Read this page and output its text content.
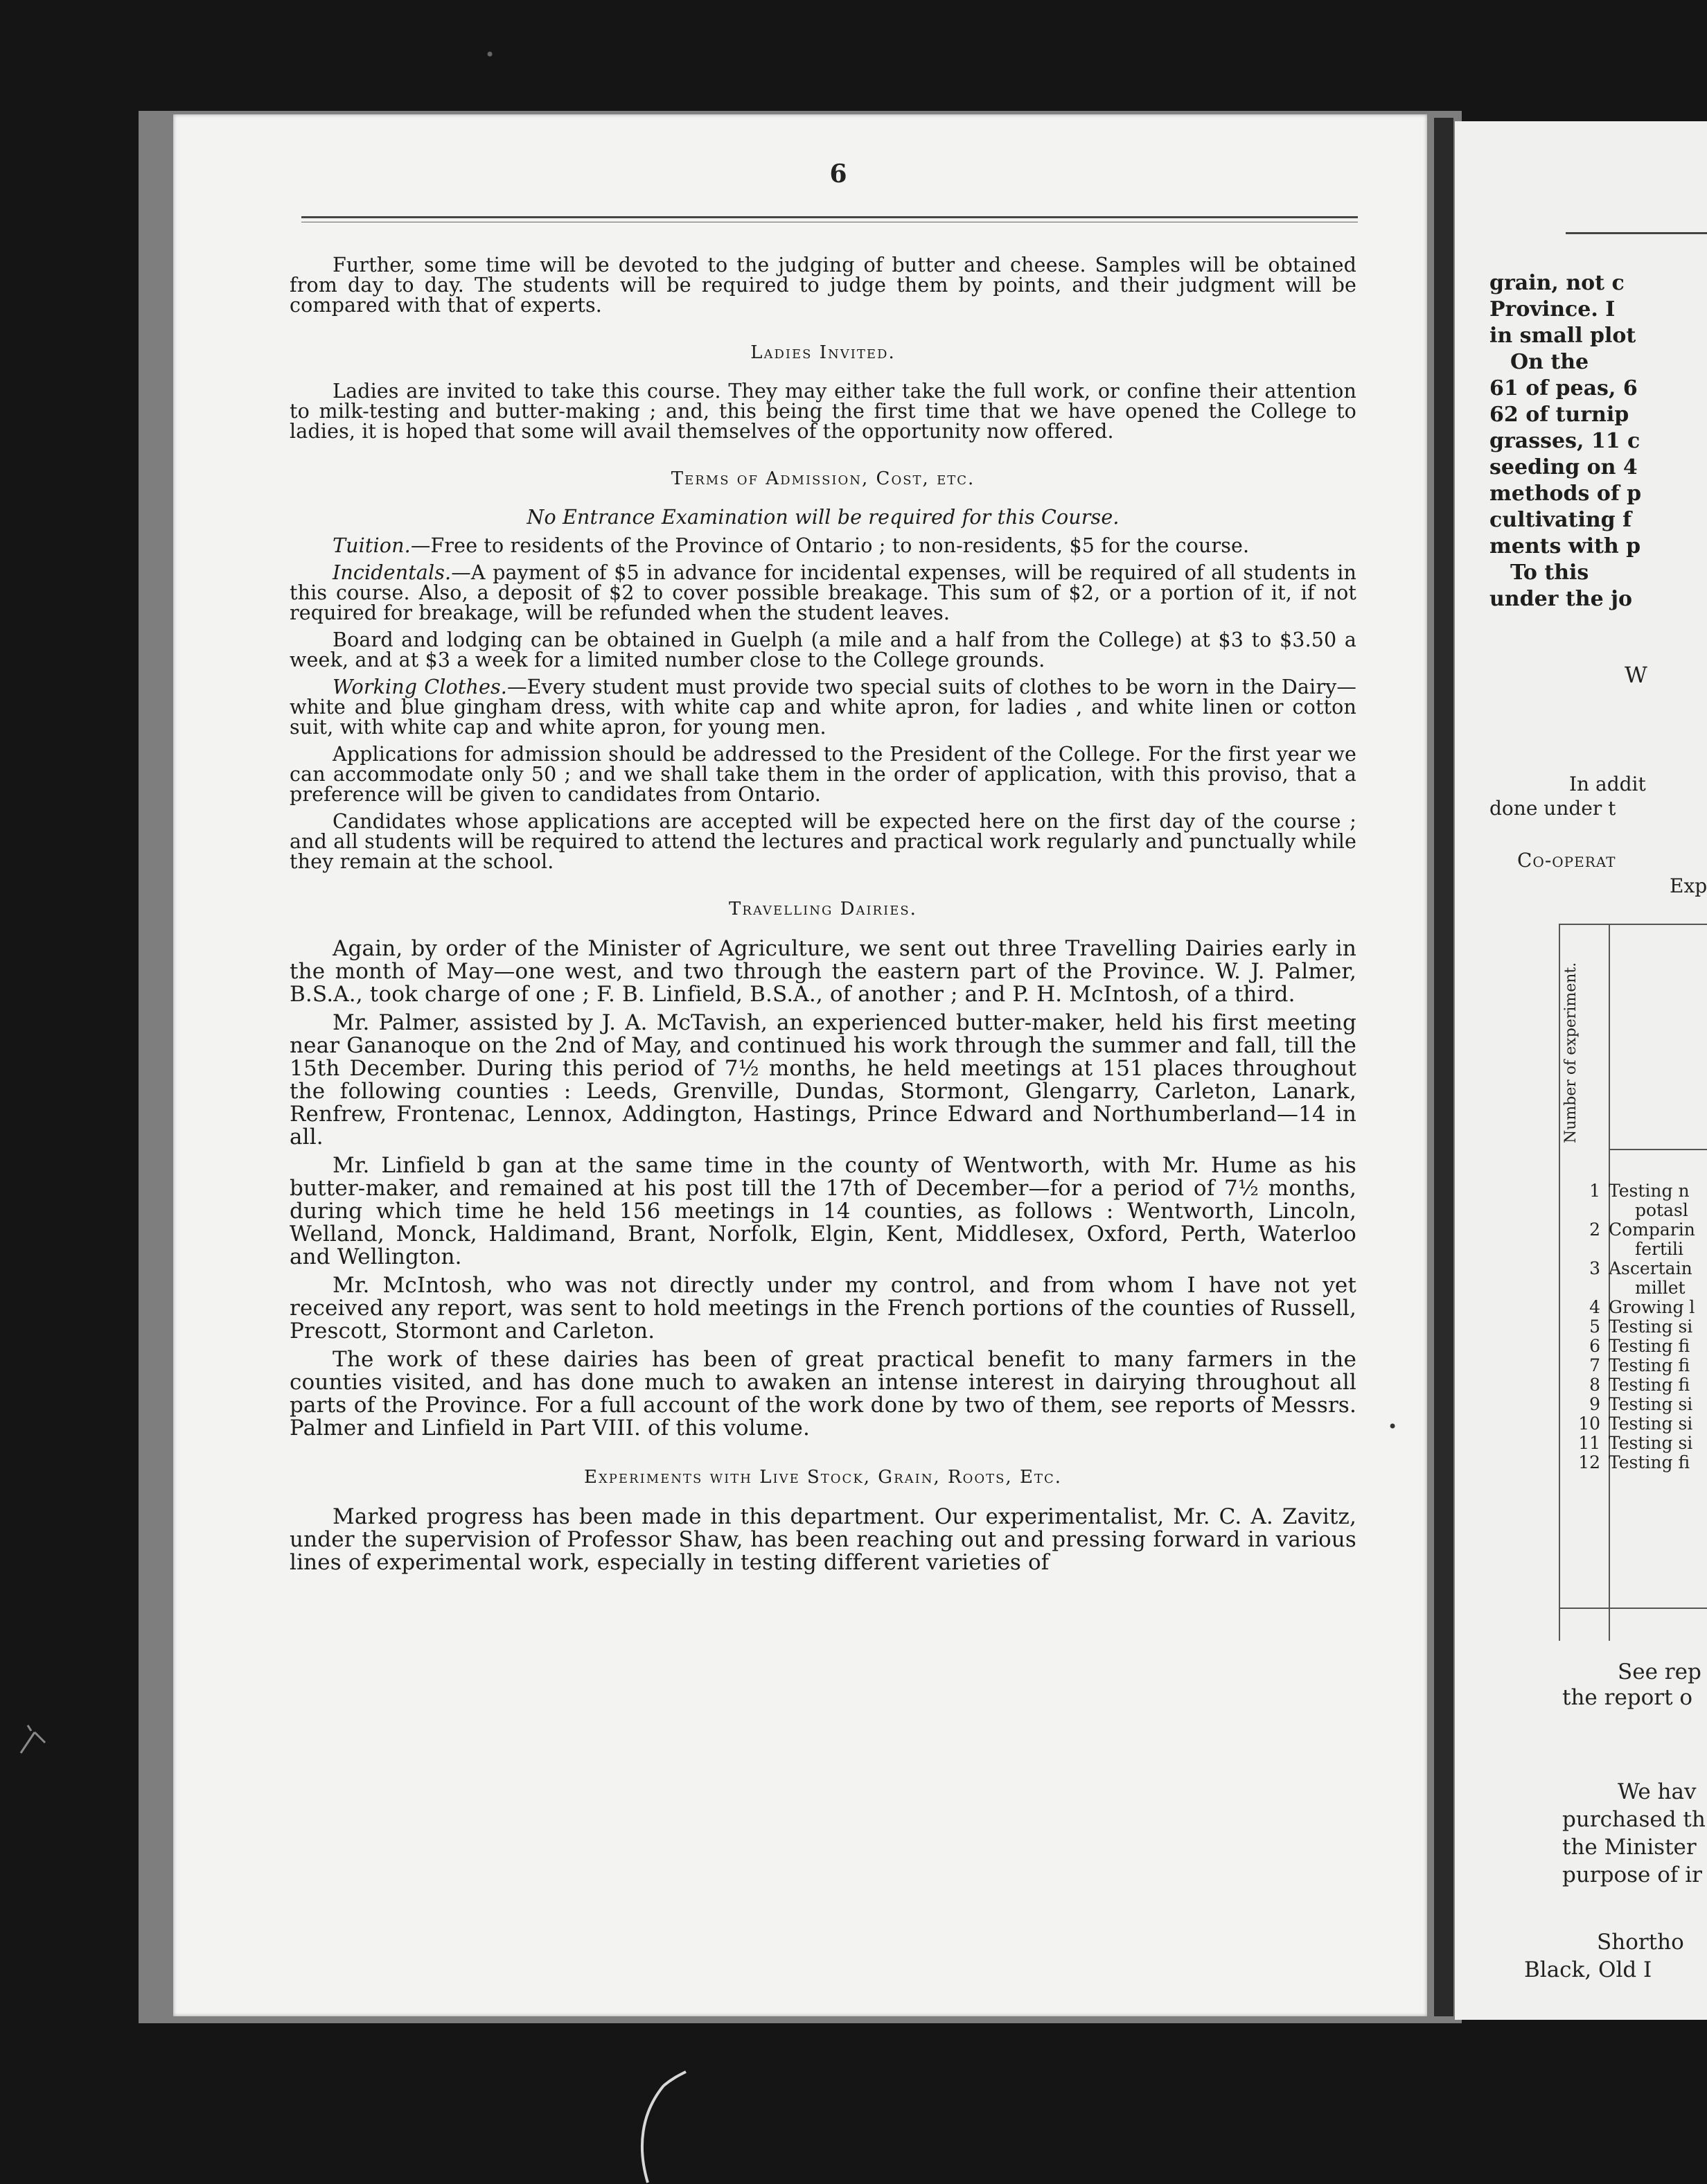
6

Further, some time will be devoted to the judging of butter and cheese. Samples will be obtained from day to day. The students will be required to judge them by points, and their judgment will be compared with that of experts.

Ladies Invited.

Ladies are invited to take this course. They may either take the full work, or confine their attention to milk-testing and butter-making ; and, this being the first time that we have opened the College to ladies, it is hoped that some will avail themselves of the opportunity now offered.

Terms of Admission, Cost, etc.

No Entrance Examination will be required for this Course.

Tuition.—Free to residents of the Province of Ontario ; to non-residents, $5 for the course.

Incidentals.—A payment of $5 in advance for incidental expenses, will be required of all students in this course. Also, a deposit of $2 to cover possible breakage. This sum of $2, or a portion of it, if not required for breakage, will be refunded when the student leaves.

Board and lodging can be obtained in Guelph (a mile and a half from the College) at $3 to $3.50 a week, and at $3 a week for a limited number close to the College grounds.

Working Clothes.—Every student must provide two special suits of clothes to be worn in the Dairy—white and blue gingham dress, with white cap and white apron, for ladies , and white linen or cotton suit, with white cap and white apron, for young men.

Applications for admission should be addressed to the President of the College. For the first year we can accommodate only 50 ; and we shall take them in the order of application, with this proviso, that a preference will be given to candidates from Ontario.

Candidates whose applications are accepted will be expected here on the first day of the course ; and all students will be required to attend the lectures and practical work regularly and punctually while they remain at the school.

Travelling Dairies.

Again, by order of the Minister of Agriculture, we sent out three Travelling Dairies early in the month of May—one west, and two through the eastern part of the Province. W. J. Palmer, B.S.A., took charge of one ; F. B. Linfield, B.S.A., of another ; and P. H. McIntosh, of a third.

Mr. Palmer, assisted by J. A. McTavish, an experienced butter-maker, held his first meeting near Gananoque on the 2nd of May, and continued his work through the summer and fall, till the 15th December. During this period of 7½ months, he held meetings at 151 places throughout the following counties : Leeds, Grenville, Dundas, Stormont, Glengarry, Carleton, Lanark, Renfrew, Frontenac, Lennox, Addington, Hastings, Prince Edward and Northumberland—14 in all.

Mr. Linfield b gan at the same time in the county of Wentworth, with Mr. Hume as his butter-maker, and remained at his post till the 17th of December—for a period of 7½ months, during which time he held 156 meetings in 14 counties, as follows : Wentworth, Lincoln, Welland, Monck, Haldimand, Brant, Norfolk, Elgin, Kent, Middlesex, Oxford, Perth, Waterloo and Wellington.

Mr. McIntosh, who was not directly under my control, and from whom I have not yet received any report, was sent to hold meetings in the French portions of the counties of Russell, Prescott, Stormont and Carleton.

The work of these dairies has been of great practical benefit to many farmers in the counties visited, and has done much to awaken an intense interest in dairying throughout all parts of the Province. For a full account of the work done by two of them, see reports of Messrs. Palmer and Linfield in Part VIII. of this volume.

Experiments with Live Stock, Grain, Roots, Etc.

Marked progress has been made in this department. Our experimentalist, Mr. C. A. Zavitz, under the supervision of Professor Shaw, has been reaching out and pressing forward in various lines of experimental work, especially in testing different varieties of

grain, not c
Province. I
in small plot
On the
61 of peas, 6
62 of turnip
grasses, 11 c
seeding on 4
methods of p
cultivating f
ments with p
To this
under the jo
W
In addit
done under t
Co-operat
Exp
Number of experiment.
1 Testing n
potasl
2 Comparin
fertili
3 Ascertain
millet
4 Growing l
5 Testing si
6 Testing fi
7 Testing fi
8 Testing fi
9 Testing si
10 Testing si
11 Testing si
12 Testing fi
See rep
the report o
We hav
purchased th
the Minister
purpose of ir
Shortho
Black, Old I
•
•
